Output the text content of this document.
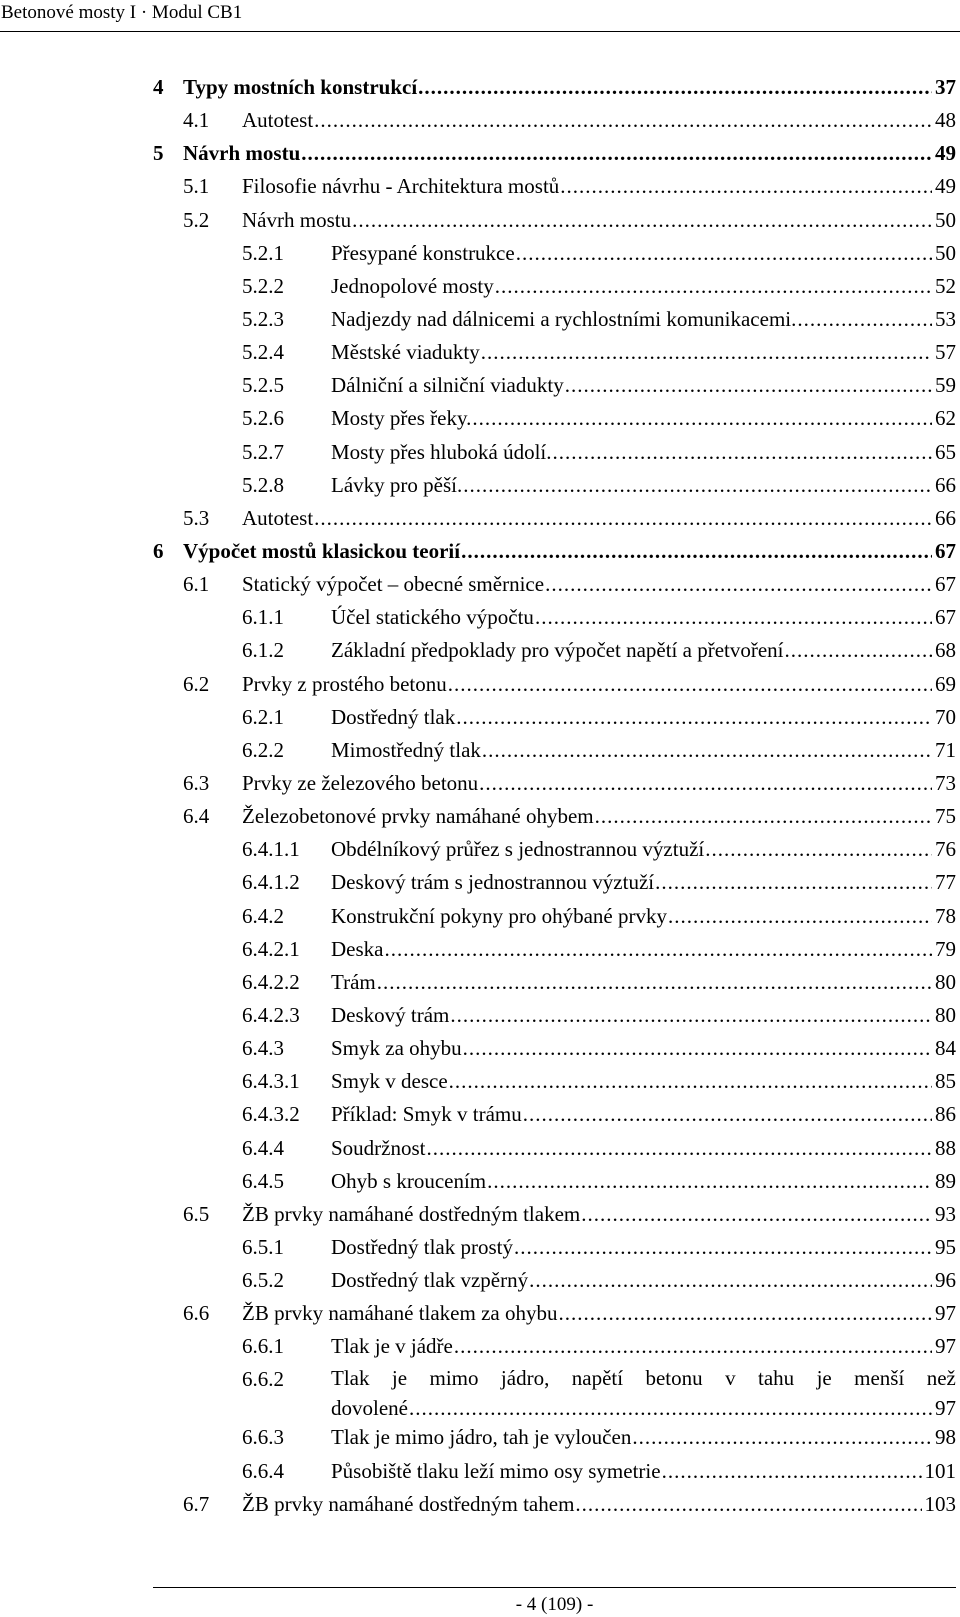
Betonové mosty I · Modul CB1
4 Typy mostních konstrukcí .....	37
4.1 Autotest .....	48
5 Návrh mostu .....	49
5.1 Filosofie návrhu - Architektura mostů .....	49
5.2 Návrh mostu .....	50
5.2.1 Přesypané konstrukce .....	50
5.2.2 Jednopolové mosty .....	52
5.2.3 Nadjezdy nad dálnicemi a rychlostními komunikacemi. .....	53
5.2.4 Městské viadukty .....	57
5.2.5 Dálniční a silniční viadukty .....	59
5.2.6 Mosty přes řeky. .....	62
5.2.7 Mosty přes hluboká údolí. .....	65
5.2.8 Lávky pro pěší. .....	66
5.3 Autotest .....	66
6 Výpočet mostů klasickou teorií .....	67
6.1 Statický výpočet – obecné směrnice .....	67
6.1.1 Účel statického výpočtu .....	67
6.1.2 Základní předpoklady pro výpočet napětí a přetvoření .....	68
6.2 Prvky z prostého betonu .....	69
6.2.1 Dostředný tlak .....	70
6.2.2 Mimostředný tlak .....	71
6.3 Prvky ze železového betonu .....	73
6.4 Železobetonové prvky namáhané ohybem .....	75
6.4.1.1 Obdélníkový průřez s jednostrannou výztuží .....	76
6.4.1.2 Deskový trám s jednostrannou výztuží .....	77
6.4.2 Konstrukční pokyny pro ohýbané prvky .....	78
6.4.2.1 Deska .....	79
6.4.2.2 Trám .....	80
6.4.2.3 Deskový trám .....	80
6.4.3 Smyk za ohybu .....	84
6.4.3.1 Smyk v desce .....	85
6.4.3.2 Příklad: Smyk v trámu .....	86
6.4.4 Soudržnost .....	88
6.4.5 Ohyb s kroucením .....	89
6.5 ŽB prvky namáhané dostředným tlakem .....	93
6.5.1 Dostředný tlak prostý .....	95
6.5.2 Dostředný tlak vzpěrný .....	96
6.6 ŽB prvky namáhané tlakem za ohybu .....	97
6.6.1 Tlak je v jádře .....	97
6.6.2 Tlak je mimo jádro, napětí betonu v tahu je menší než
dovolené .....	97
6.6.3 Tlak je mimo jádro, tah je vyloučen .....	98
6.6.4 Působiště tlaku leží mimo osy symetrie .....	101
6.7 ŽB prvky namáhané dostředným tahem .....	103
- 4 (109) -
